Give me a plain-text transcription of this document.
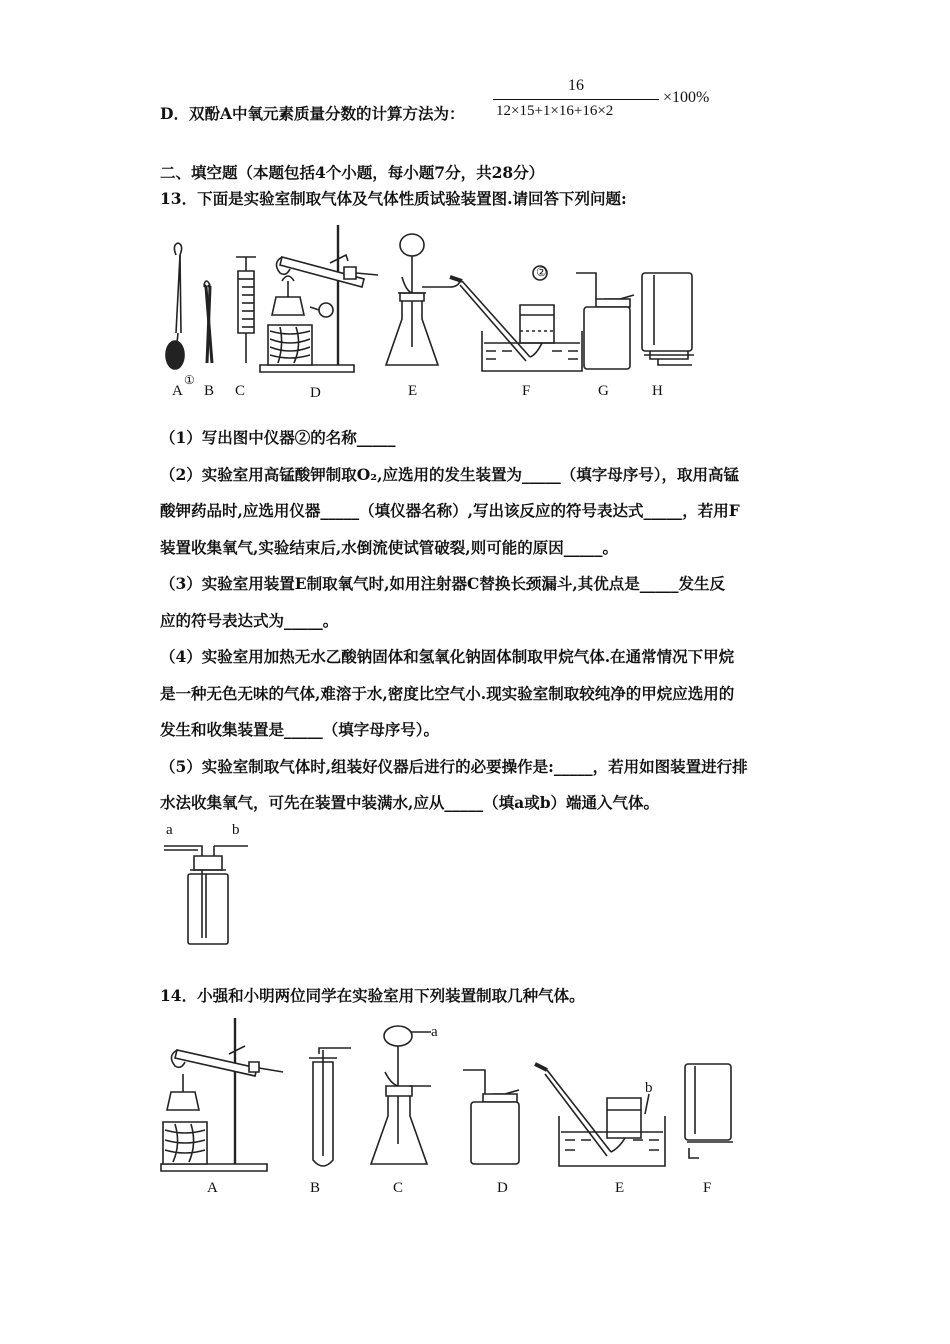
D．双酚A中氧元素质量分数的计算方法为：
16
12×15+1×16+16×2
×100%
二、填空题（本题包括4个小题，每小题7分，共28分）
13．下面是实验室制取气体及气体性质试验装置图.请回答下列问题:
①
②
A B C	D	E	F	G	H

（1）写出图中仪器②的名称_____

（2）实验室用高锰酸钾制取O₂,应选用的发生装置为_____（填字母序号），取用高锰

酸钾药品时,应选用仪器_____（填仪器名称）,写出该反应的符号表达式_____，若用F

装置收集氧气,实验结束后,水倒流使试管破裂,则可能的原因_____。

（3）实验室用装置E制取氧气时,如用注射器C替换长颈漏斗,其优点是_____发生反

应的符号表达式为_____。

（4）实验室用加热无水乙酸钠固体和氢氧化钠固体制取甲烷气体.在通常情况下甲烷

是一种无色无味的气体,难溶于水,密度比空气小.现实验室制取较纯净的甲烷应选用的

发生和收集装置是_____（填字母序号）。

（5）实验室制取气体时,组装好仪器后进行的必要操作是:_____，若用如图装置进行排

水法收集氧气，可先在装置中装满水,应从_____（填a或b）端通入气体。

a	b
14．小强和小明两位同学在实验室用下列装置制取几种气体。
a
b
A	B	C	D	E	F
